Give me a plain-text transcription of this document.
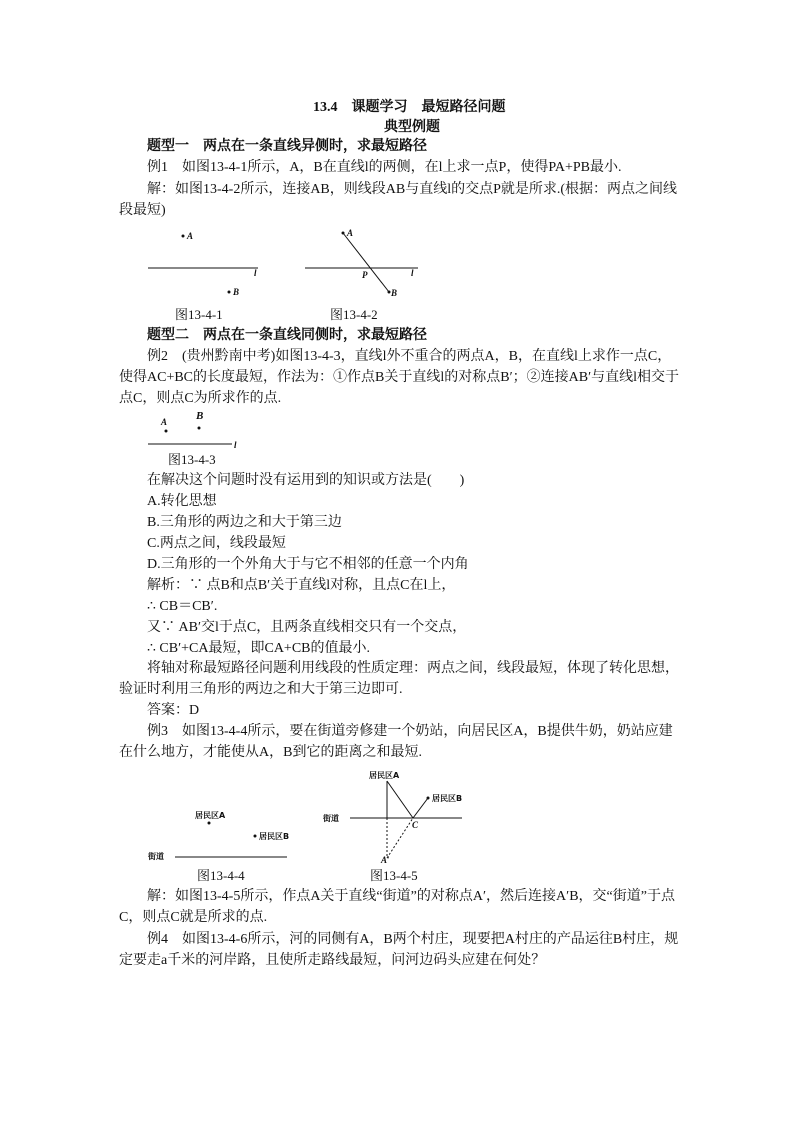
A
l
B
A
P	l
B
A	B
l
居民区A
居民区B
街道
居民区A
居民区B
街道
C
A′
13.4　课题学习　最短路径问题
典型例题
题型一　两点在一条直线异侧时，求最短路径
例1　如图13-4-1所示，A，B在直线l的两侧，在l上求一点P，使得PA+PB最小.
解：如图13-4-2所示，连接AB，则线段AB与直线l的交点P就是所求.(根据：两点之间线
段最短)
图13-4-1	图13-4-2
题型二　两点在一条直线同侧时，求最短路径
例2　(贵州黔南中考)如图13-4-3，直线l外不重合的两点A，B，在直线l上求作一点C，
使得AC+BC的长度最短，作法为：①作点B关于直线l的对称点B′；②连接AB′与直线l相交于
点C，则点C为所求作的点.
图13-4-3
在解决这个问题时没有运用到的知识或方法是(　　)
A.转化思想
B.三角形的两边之和大于第三边
C.两点之间，线段最短
D.三角形的一个外角大于与它不相邻的任意一个内角
解析：∵ 点B和点B′关于直线l对称，且点C在l上，
∴ CB＝CB′.
又∵ AB′交l于点C，且两条直线相交只有一个交点，
∴ CB′+CA最短，即CA+CB的值最小.
将轴对称最短路径问题利用线段的性质定理：两点之间，线段最短，体现了转化思想，
验证时利用三角形的两边之和大于第三边即可.
答案：D
例3　如图13-4-4所示，要在街道旁修建一个奶站，向居民区A，B提供牛奶，奶站应建
在什么地方，才能使从A，B到它的距离之和最短.
图13-4-4	图13-4-5
解：如图13-4-5所示，作点A关于直线“街道”的对称点A′，然后连接A′B，交“街道”于点
C，则点C就是所求的点.
例4　如图13-4-6所示，河的同侧有A，B两个村庄，现要把A村庄的产品运往B村庄，规
定要走a千米的河岸路，且使所走路线最短，问河边码头应建在何处？
